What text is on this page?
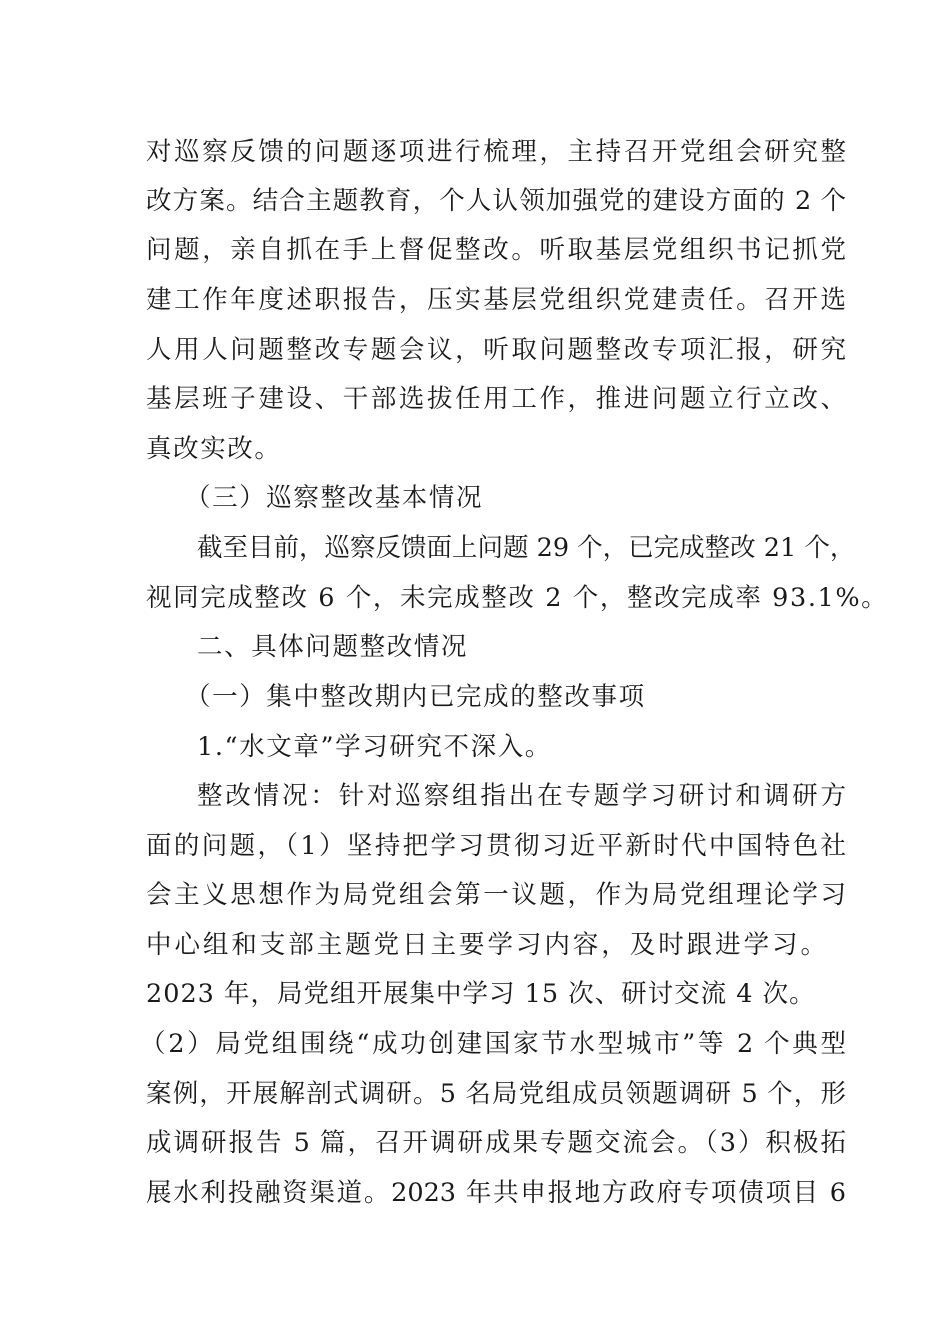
对巡察反馈的问题逐项进行梳理，主持召开党组会研究整
改方案。结合主题教育，个人认领加强党的建设方面的 2 个
问题，亲自抓在手上督促整改。听取基层党组织书记抓党
建工作年度述职报告，压实基层党组织党建责任。召开选
人用人问题整改专题会议，听取问题整改专项汇报，研究
基层班子建设、干部选拔任用工作，推进问题立行立改、
真改实改。
（三）巡察整改基本情况
截至目前，巡察反馈面上问题 29 个，已完成整改 21 个，
视同完成整改 6 个，未完成整改 2 个，整改完成率 93.1%。
二、具体问题整改情况
（一）集中整改期内已完成的整改事项
1.“水文章”学习研究不深入。
整改情况：针对巡察组指出在专题学习研讨和调研方
面的问题，（1）坚持把学习贯彻习近平新时代中国特色社
会主义思想作为局党组会第一议题，作为局党组理论学习
中心组和支部主题党日主要学习内容，及时跟进学习。
2023 年，局党组开展集中学习 15 次、研讨交流 4 次。
（2）局党组围绕“成功创建国家节水型城市”等 2 个典型
案例，开展解剖式调研。5 名局党组成员领题调研 5 个，形
成调研报告 5 篇，召开调研成果专题交流会。（3）积极拓
展水利投融资渠道。2023 年共申报地方政府专项债项目 6
